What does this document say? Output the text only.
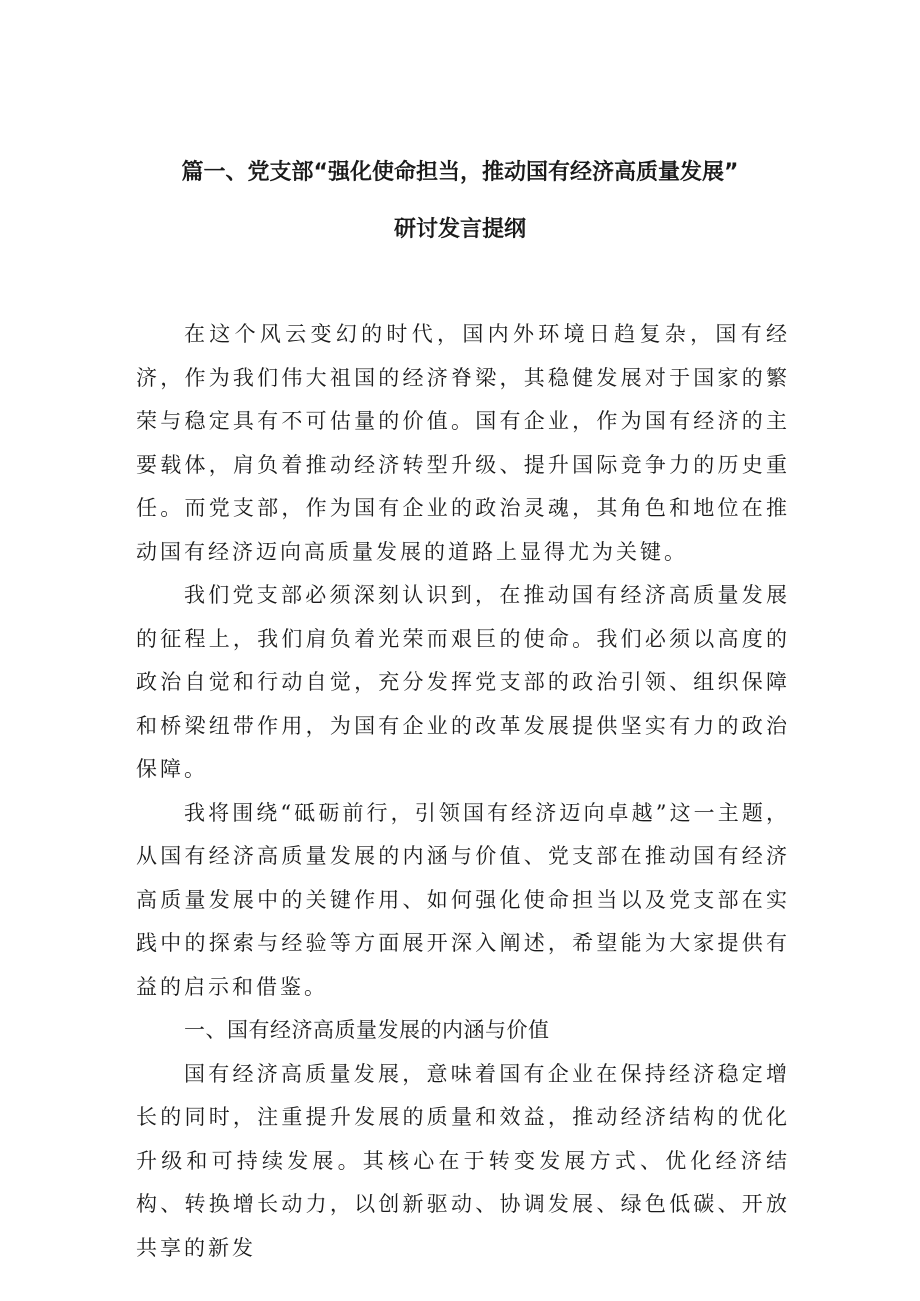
篇一、党支部“强化使命担当，推动国有经济高质量发展”
研讨发言提纲

在这个风云变幻的时代，国内外环境日趋复杂，国有经济，作为我们伟大祖国的经济脊梁，其稳健发展对于国家的繁荣与稳定具有不可估量的价值。国有企业，作为国有经济的主要载体，肩负着推动经济转型升级、提升国际竞争力的历史重任。而党支部，作为国有企业的政治灵魂，其角色和地位在推动国有经济迈向高质量发展的道路上显得尤为关键。

我们党支部必须深刻认识到，在推动国有经济高质量发展的征程上，我们肩负着光荣而艰巨的使命。我们必须以高度的政治自觉和行动自觉，充分发挥党支部的政治引领、组织保障和桥梁纽带作用，为国有企业的改革发展提供坚实有力的政治保障。

我将围绕“砥砺前行，引领国有经济迈向卓越”这一主题，从国有经济高质量发展的内涵与价值、党支部在推动国有经济高质量发展中的关键作用、如何强化使命担当以及党支部在实践中的探索与经验等方面展开深入阐述，希望能为大家提供有益的启示和借鉴。

一、国有经济高质量发展的内涵与价值

国有经济高质量发展，意味着国有企业在保持经济稳定增长的同时，注重提升发展的质量和效益，推动经济结构的优化升级和可持续发展。其核心在于转变发展方式、优化经济结构、转换增长动力，以创新驱动、协调发展、绿色低碳、开放共享的新发
